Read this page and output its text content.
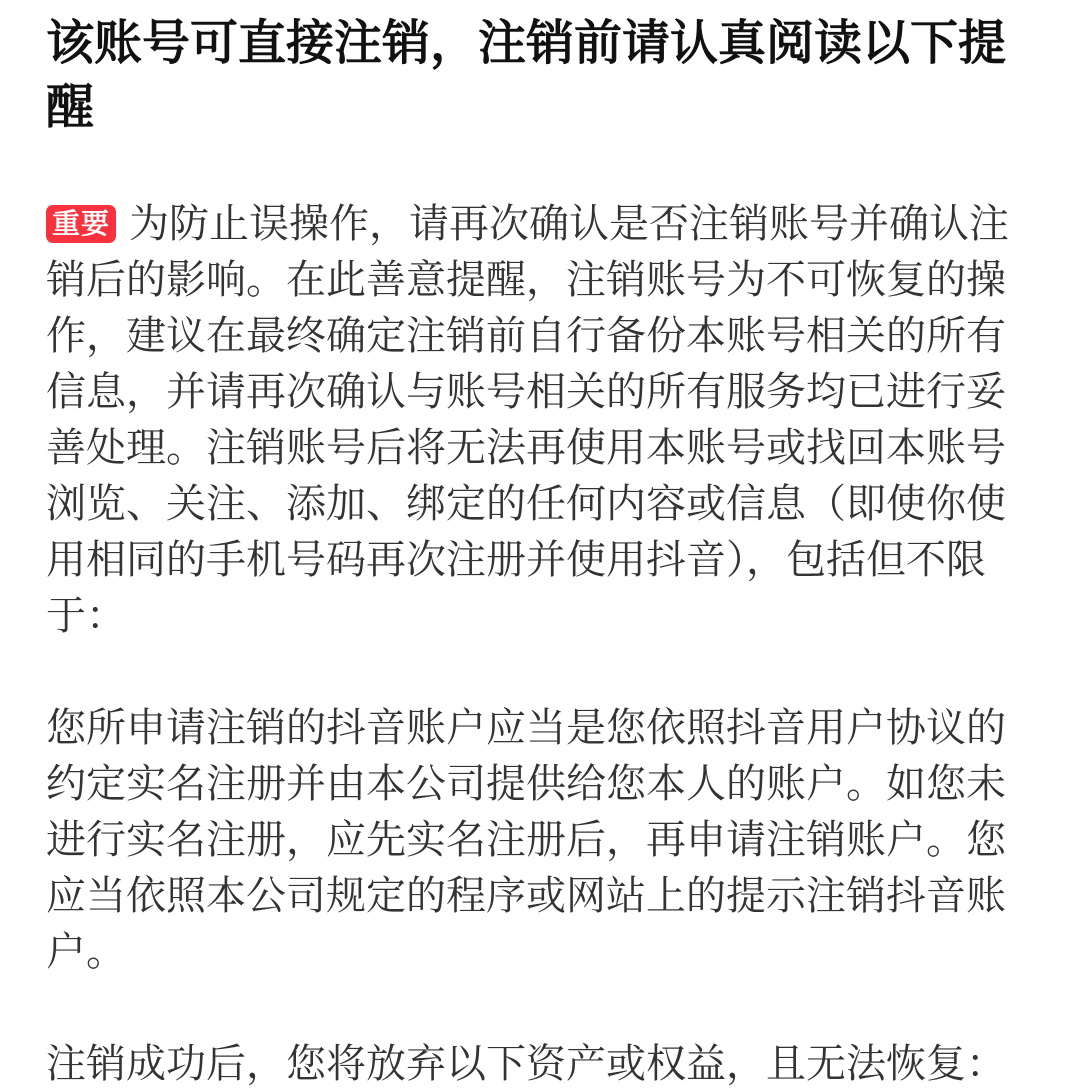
该账号可直接注销，注销前请认真阅读以下提醒

重要 为防止误操作，请再次确认是否注销账号并确认注销后的影响。在此善意提醒，注销账号为不可恢复的操作，建议在最终确定注销前自行备份本账号相关的所有信息，并请再次确认与账号相关的所有服务均已进行妥善处理。注销账号后将无法再使用本账号或找回本账号浏览、关注、添加、绑定的任何内容或信息（即使你使用相同的手机号码再次注册并使用抖音），包括但不限于：

您所申请注销的抖音账户应当是您依照抖音用户协议的约定实名注册并由本公司提供给您本人的账户。如您未进行实名注册，应先实名注册后，再申请注销账户。您应当依照本公司规定的程序或网站上的提示注销抖音账户。

注销成功后，您将放弃以下资产或权益，且无法恢复：
